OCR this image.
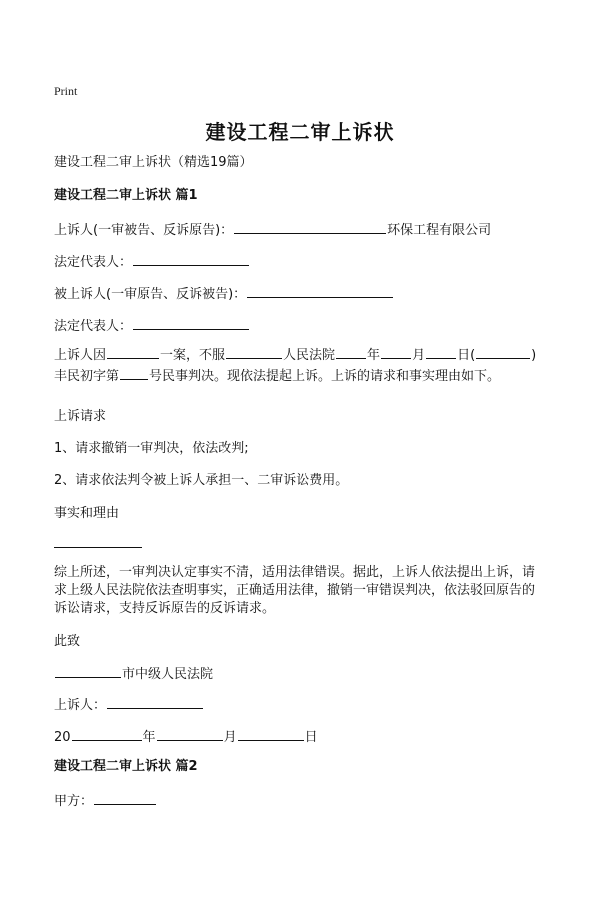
Print
建设工程二审上诉状
建设工程二审上诉状（精选19篇）
建设工程二审上诉状 篇1
上诉人(一审被告、反诉原告)：	环保工程有限公司
法定代表人：
被上诉人(一审原告、反诉被告)：
法定代表人：
上诉人因	一案，不服	人民法院 年 月 日(	)丰民初字第 号民事判决。现依法提起上诉。上诉的请求和事实理由如下。
上诉请求
1、请求撤销一审判决，依法改判;
2、请求依法判令被上诉人承担一、二审诉讼费用。
事实和理由
综上所述，一审判决认定事实不清，适用法律错误。据此，上诉人依法提出上诉，请求上级人民法院依法查明事实，正确适用法律，撤销一审错误判决，依法驳回原告的诉讼请求，支持反诉原告的反诉请求。
此致
市中级人民法院
上诉人：
20	年	月	日
建设工程二审上诉状 篇2
甲方：
